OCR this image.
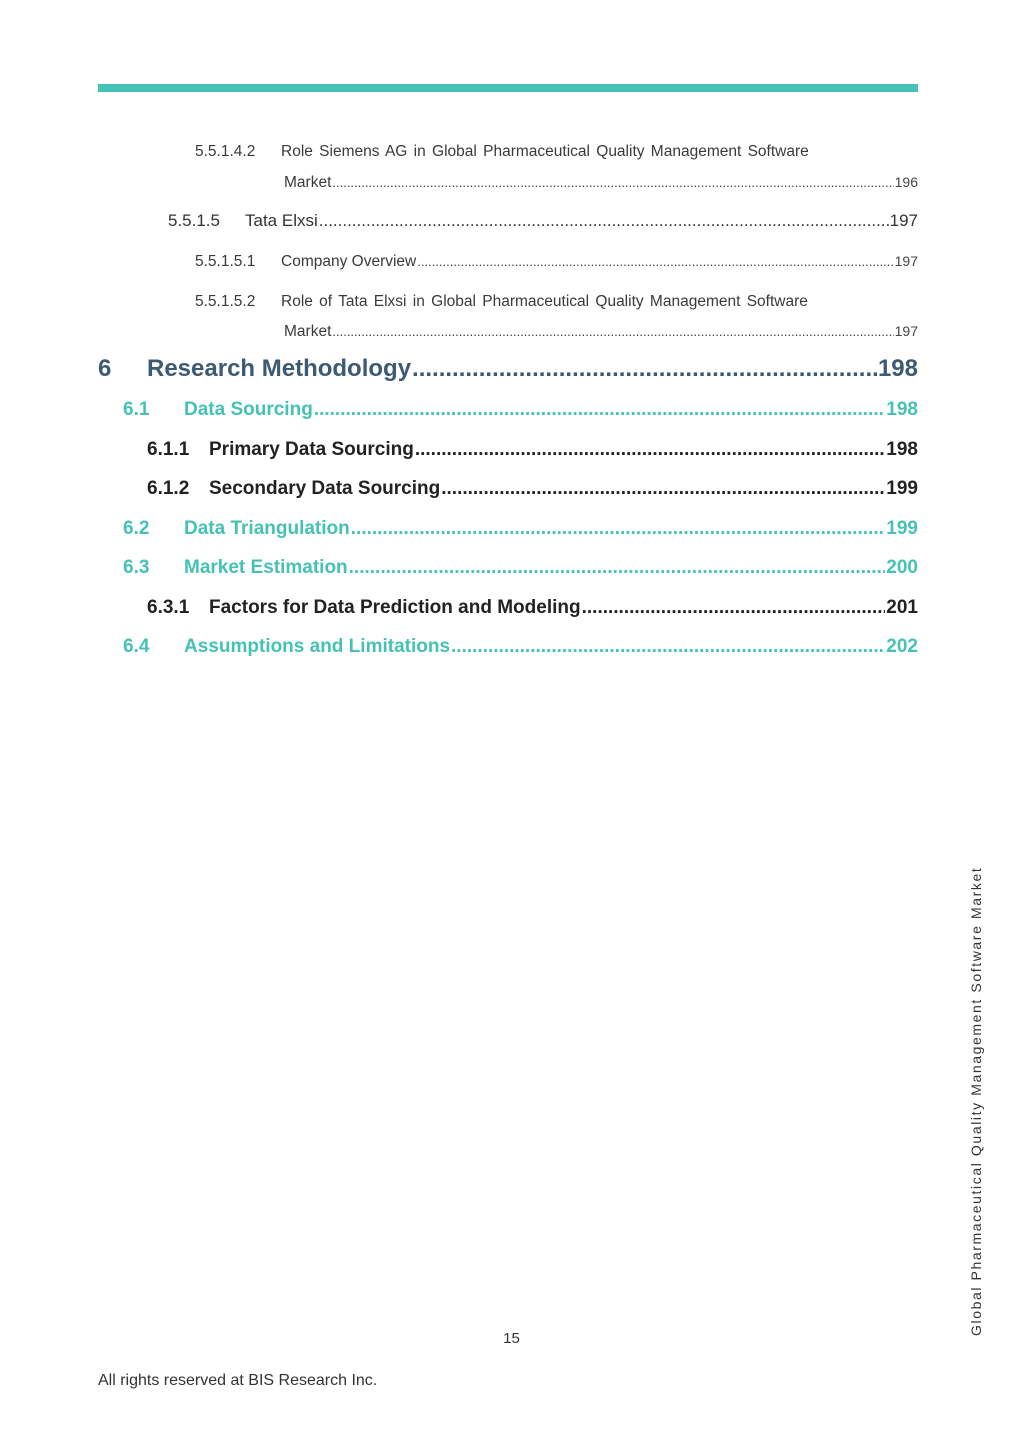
5.5.1.4.2 Role Siemens AG in Global Pharmaceutical Quality Management Software
Market .....	196
5.5.1.5	Tata Elxsi .....	197
5.5.1.5.1	Company Overview .....	197
5.5.1.5.2 Role of Tata Elxsi in Global Pharmaceutical Quality Management Software
Market .....	197
6	Research Methodology .....	198
6.1	Data Sourcing .....	198
6.1.1	Primary Data Sourcing .....	198
6.1.2	Secondary Data Sourcing .....	199
6.2	Data Triangulation .....	199
6.3	Market Estimation .....	200
6.3.1	Factors for Data Prediction and Modeling .....	201
6.4	Assumptions and Limitations .....	202
Global Pharmaceutical Quality Management Software Market
15
All rights reserved at BIS Research Inc.
